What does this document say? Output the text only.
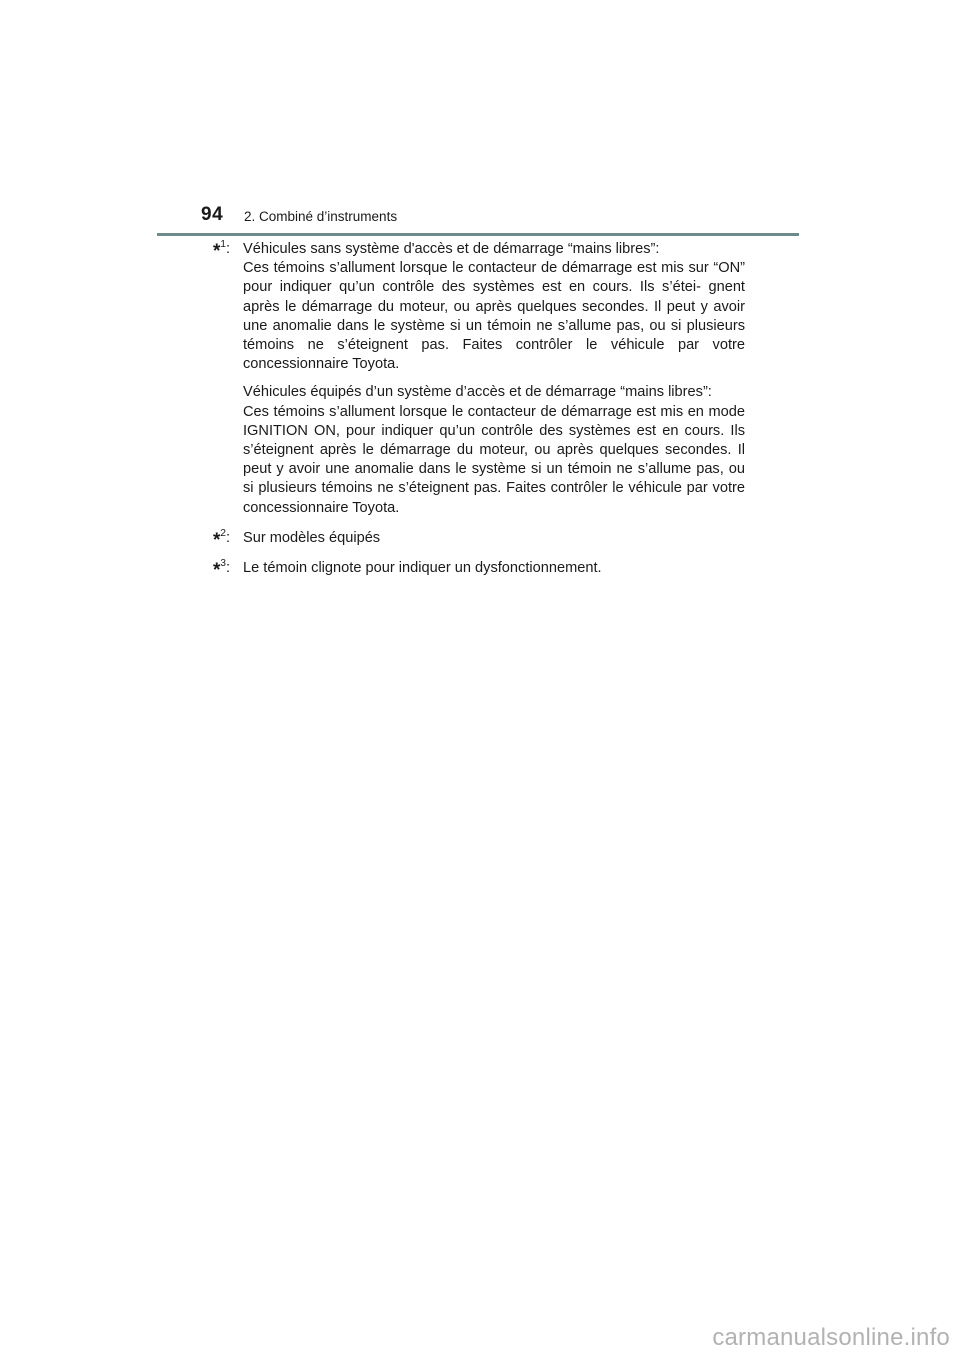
94 2. Combiné d’instruments
*$^1$: Véhicules sans système d'accès et de démarrage “mains libres”:
Ces témoins s’allument lorsque le contacteur de démarrage est mis sur “ON” pour indiquer qu’un contrôle des systèmes est en cours. Ils s’étei- gnent après le démarrage du moteur, ou après quelques secondes. Il peut y avoir une anomalie dans le système si un témoin ne s’allume pas, ou si plusieurs témoins ne s’éteignent pas. Faites contrôler le véhicule par votre concessionnaire Toyota.

Véhicules équipés d’un système d’accès et de démarrage “mains libres”:
Ces témoins s’allument lorsque le contacteur de démarrage est mis en mode IGNITION ON, pour indiquer qu’un contrôle des systèmes est en cours. Ils s’éteignent après le démarrage du moteur, ou après quelques secondes. Il peut y avoir une anomalie dans le système si un témoin ne s’allume pas, ou si plusieurs témoins ne s’éteignent pas. Faites contrôler le véhicule par votre concessionnaire Toyota.

*$^2$: Sur modèles équipés

*$^3$: Le témoin clignote pour indiquer un dysfonctionnement.

carmanualsonline.info
